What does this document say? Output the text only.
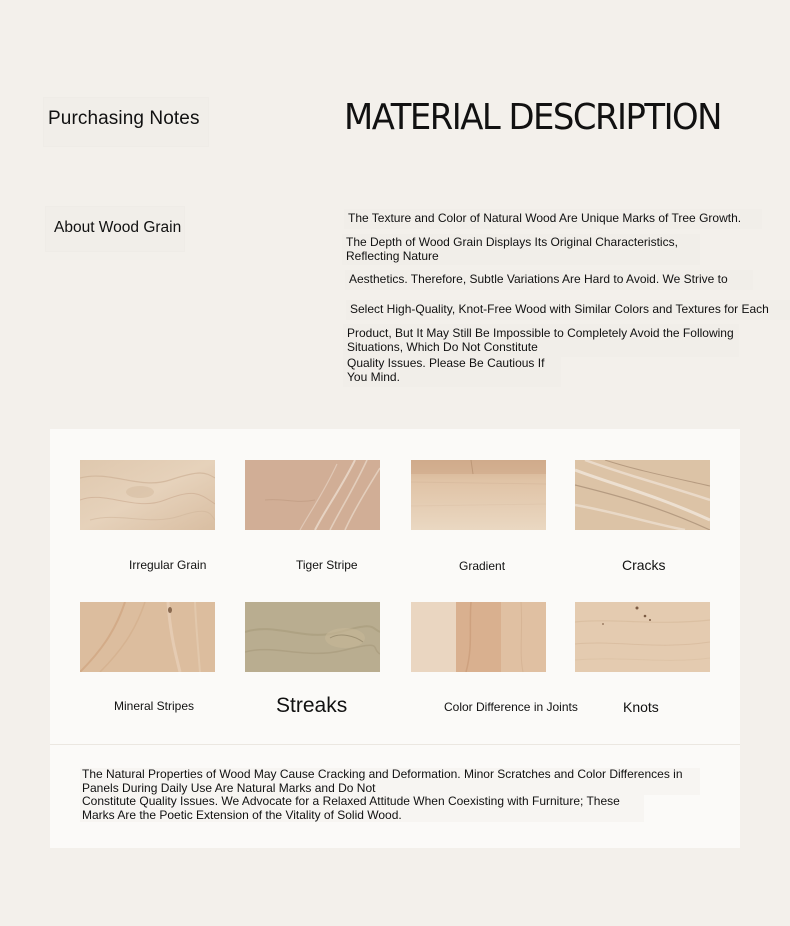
Purchasing Notes
About Wood Grain
MATERIAL DESCRIPTION
The Texture and Color of Natural Wood Are Unique Marks of Tree Growth.
The Depth of Wood Grain Displays Its Original Characteristics, Reflecting Nature
Aesthetics. Therefore, Subtle Variations Are Hard to Avoid. We Strive to
Select High-Quality, Knot-Free Wood with Similar Colors and Textures for Each
Product, But It May Still Be Impossible to Completely Avoid the Following Situations, Which Do Not Constitute
Quality Issues. Please Be Cautious If You Mind.
Irregular Grain	Tiger Stripe	Gradient	Cracks
Mineral Stripes	Streaks	Color Difference in Joints	Knots
The Natural Properties of Wood May Cause Cracking and Deformation. Minor Scratches and Color Differences in Panels During Daily Use Are Natural Marks and Do Not Constitute Quality Issues. We Advocate for a Relaxed Attitude When Coexisting with Furniture; These Marks Are the Poetic Extension of the Vitality of Solid Wood.
